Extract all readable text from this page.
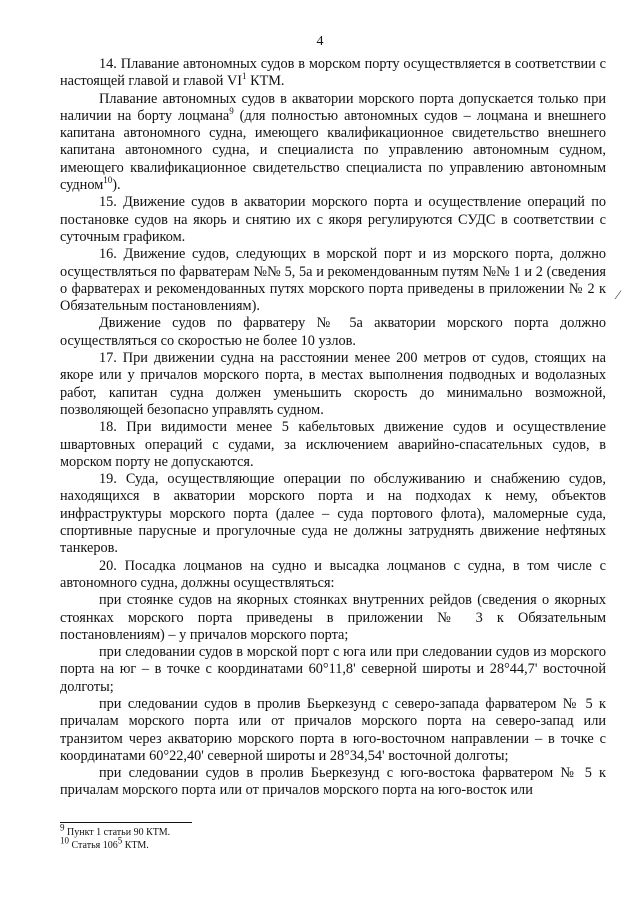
4

14. Плавание автономных судов в морском порту осуществляется в соответствии с настоящей главой и главой $VI^1$ КТМ.

Плавание автономных судов в акватории морского порта допускается только при наличии на борту лоцмана$^9$ (для полностью автономных судов – лоцмана и внешнего капитана автономного судна, имеющего квалификационное свидетельство внешнего капитана автономного судна, и специалиста по управлению автономным судном, имеющего квалификационное свидетельство специалиста по управлению автономным судном$^{10}$).

15. Движение судов в акватории морского порта и осуществление операций по постановке судов на якорь и снятию их с якоря регулируются СУДС в соответствии с суточным графиком.

16. Движение судов, следующих в морской порт и из морского порта, должно осуществляться по фарватерам №№ 5, 5а и рекомендованным путям №№ 1 и 2 (сведения о фарватерах и рекомендованных путях морского порта приведены в приложении № 2 к Обязательным постановлениям).

Движение судов по фарватеру № 5а акватории морского порта должно осуществляться со скоростью не более 10 узлов.

17. При движении судна на расстоянии менее 200 метров от судов, стоящих на якоре или у причалов морского порта, в местах выполнения подводных и водолазных работ, капитан судна должен уменьшить скорость до минимально возможной, позволяющей безопасно управлять судном.

18. При видимости менее 5 кабельтовых движение судов и осуществление швартовных операций с судами, за исключением аварийно-спасательных судов, в морском порту не допускаются.

19. Суда, осуществляющие операции по обслуживанию и снабжению судов, находящихся в акватории морского порта и на подходах к нему, объектов инфраструктуры морского порта (далее – суда портового флота), маломерные суда, спортивные парусные и прогулочные суда не должны затруднять движение нефтяных танкеров.

20. Посадка лоцманов на судно и высадка лоцманов с судна, в том числе с автономного судна, должны осуществляться:

при стоянке судов на якорных стоянках внутренних рейдов (сведения о якорных стоянках морского порта приведены в приложении № 3 к Обязательным постановлениям) – у причалов морского порта;

при следовании судов в морской порт с юга или при следовании судов из морского порта на юг – в точке с координатами 60°11,8' северной широты и 28°44,7' восточной долготы;

при следовании судов в пролив Бьеркезунд с северо-запада фарватером № 5 к причалам морского порта или от причалов морского порта на северо-запад или транзитом через акваторию морского порта в юго-восточном направлении – в точке с координатами 60°22,40' северной широты и 28°34,54' восточной долготы;

при следовании судов в пролив Бьеркезунд с юго-востока фарватером № 5 к причалам морского порта или от причалов морского порта на юго-восток или

⁄
$^9$ Пункт 1 статьи 90 КТМ.
$^{10}$ Статья $106^5$ КТМ.
